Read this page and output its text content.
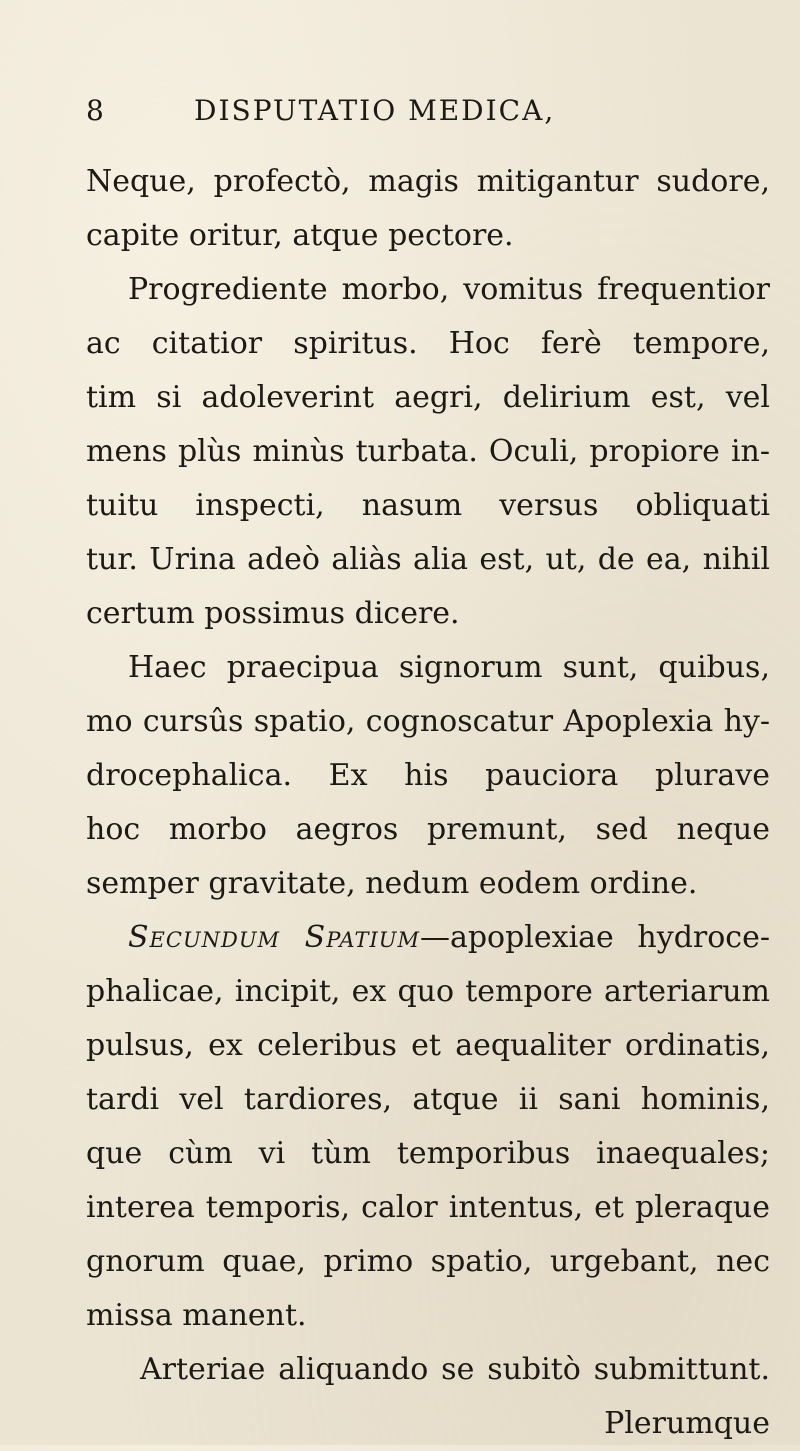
8	DISPUTATIO MEDICA,
Neque, profectò, magis mitigantur sudore,
capite oritur, atque pectore.
Progrediente morbo, vomitus frequentior
ac citatior spiritus. Hoc ferè tempore,
tim si adoleverint aegri, delirium est, vel
mens plùs minùs turbata. Oculi, propiore in-
tuitu inspecti, nasum versus obliquati
tur. Urina adeò aliàs alia est, ut, de ea, nihil
certum possimus dicere.
Haec praecipua signorum sunt, quibus,
mo cursûs spatio, cognoscatur Apoplexia hy-
drocephalica. Ex his pauciora plurave
hoc morbo aegros premunt, sed neque
semper gravitate, nedum eodem ordine.
Secundum Spatium—apoplexiae hydroce-
phalicae, incipit, ex quo tempore arteriarum
pulsus, ex celeribus et aequaliter ordinatis,
tardi vel tardiores, atque ii sani hominis,
que cùm vi tùm temporibus inaequales;
interea temporis, calor intentus, et pleraque
gnorum quae, primo spatio, urgebant, nec
missa manent.
Arteriae aliquando se subitò submittunt.
Plerumque
